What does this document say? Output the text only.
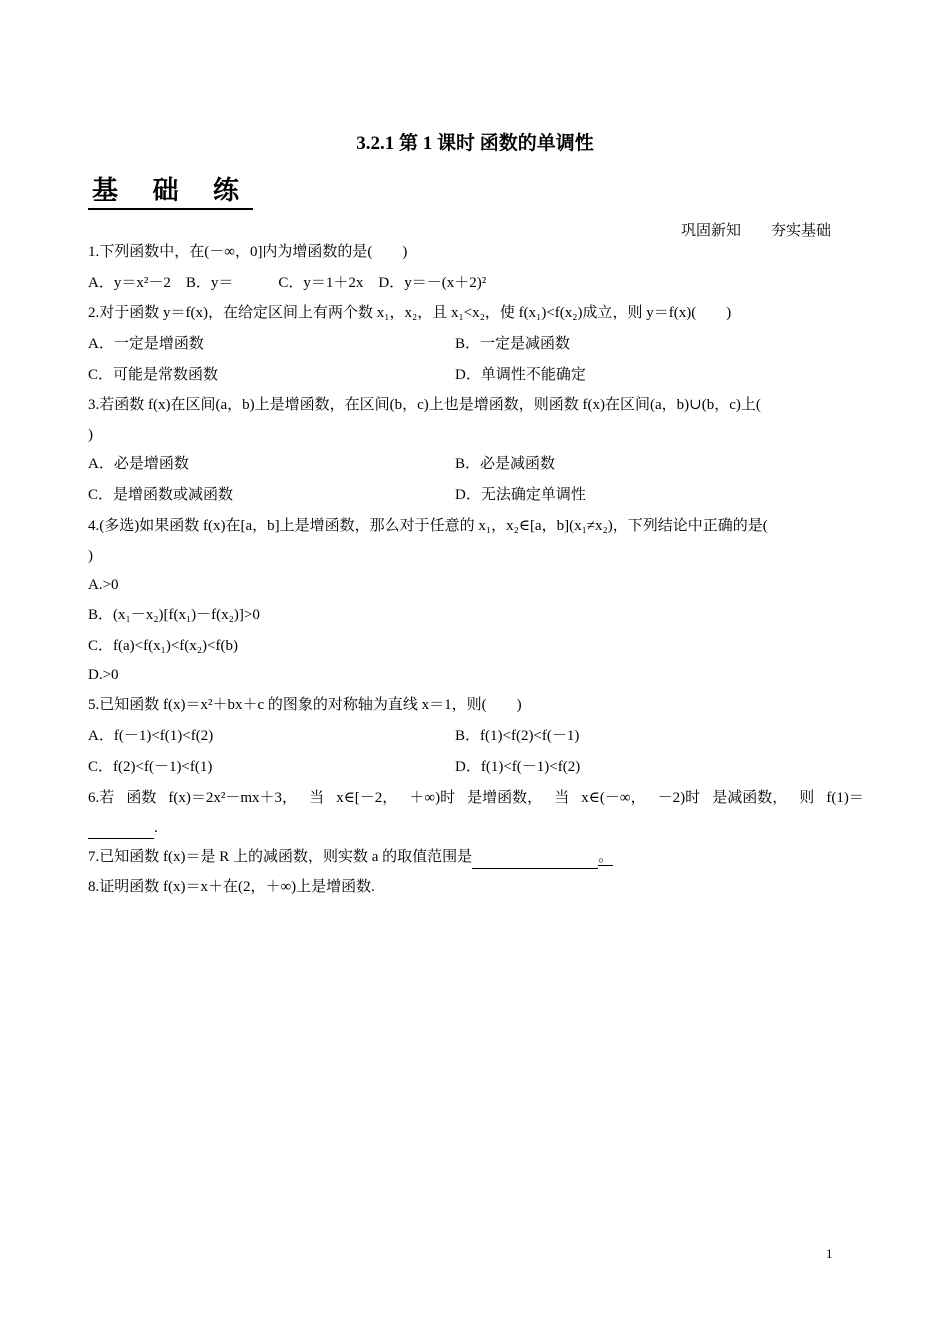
3.2.1 第 1 课时 函数的单调性
基 础 练
巩固新知 夯实基础
1.下列函数中，在(－∞，0]内为增函数的是(　　)
A．y＝x²－2 B．y＝	C．y＝1＋2x D．y＝－(x＋2)²
2.对于函数 y＝f(x)，在给定区间上有两个数 x₁，x₂，且 x₁<x₂，使 f(x₁)<f(x₂)成立，则 y＝f(x)(　　)
A．一定是增函数	B．一定是减函数
C．可能是常数函数	D．单调性不能确定
3.若函数 f(x)在区间(a，b)上是增函数，在区间(b，c)上也是增函数，则函数 f(x)在区间(a，b)∪(b，c)上(
)
A．必是增函数	B．必是减函数
C．是增函数或减函数	D．无法确定单调性
4.(多选)如果函数 f(x)在[a，b]上是增函数，那么对于任意的 x₁，x₂∈[a，b](x₁≠x₂)，下列结论中正确的是(
)
A.>0
B．(x₁－x₂)[f(x₁)－f(x₂)]>0
C．f(a)<f(x₁)<f(x₂)<f(b)
D.>0
5.已知函数 f(x)＝x²＋bx＋c 的图象的对称轴为直线 x＝1，则(　　)
A．f(－1)<f(1)<f(2)	B．f(1)<f(2)<f(－1)
C．f(2)<f(－1)<f(1)	D．f(1)<f(－1)<f(2)
6.若 函数 f(x)＝2x²－mx＋3， 当 x∈[－2， ＋∞)时 是增函数， 当 x∈(－∞， －2)时 是减函数， 则 f(1)＝
.
7.已知函数 f(x)＝是 R 上的减函数，则实数 a 的取值范围是	。
8.证明函数 f(x)＝x＋在(2，＋∞)上是增函数.
1
